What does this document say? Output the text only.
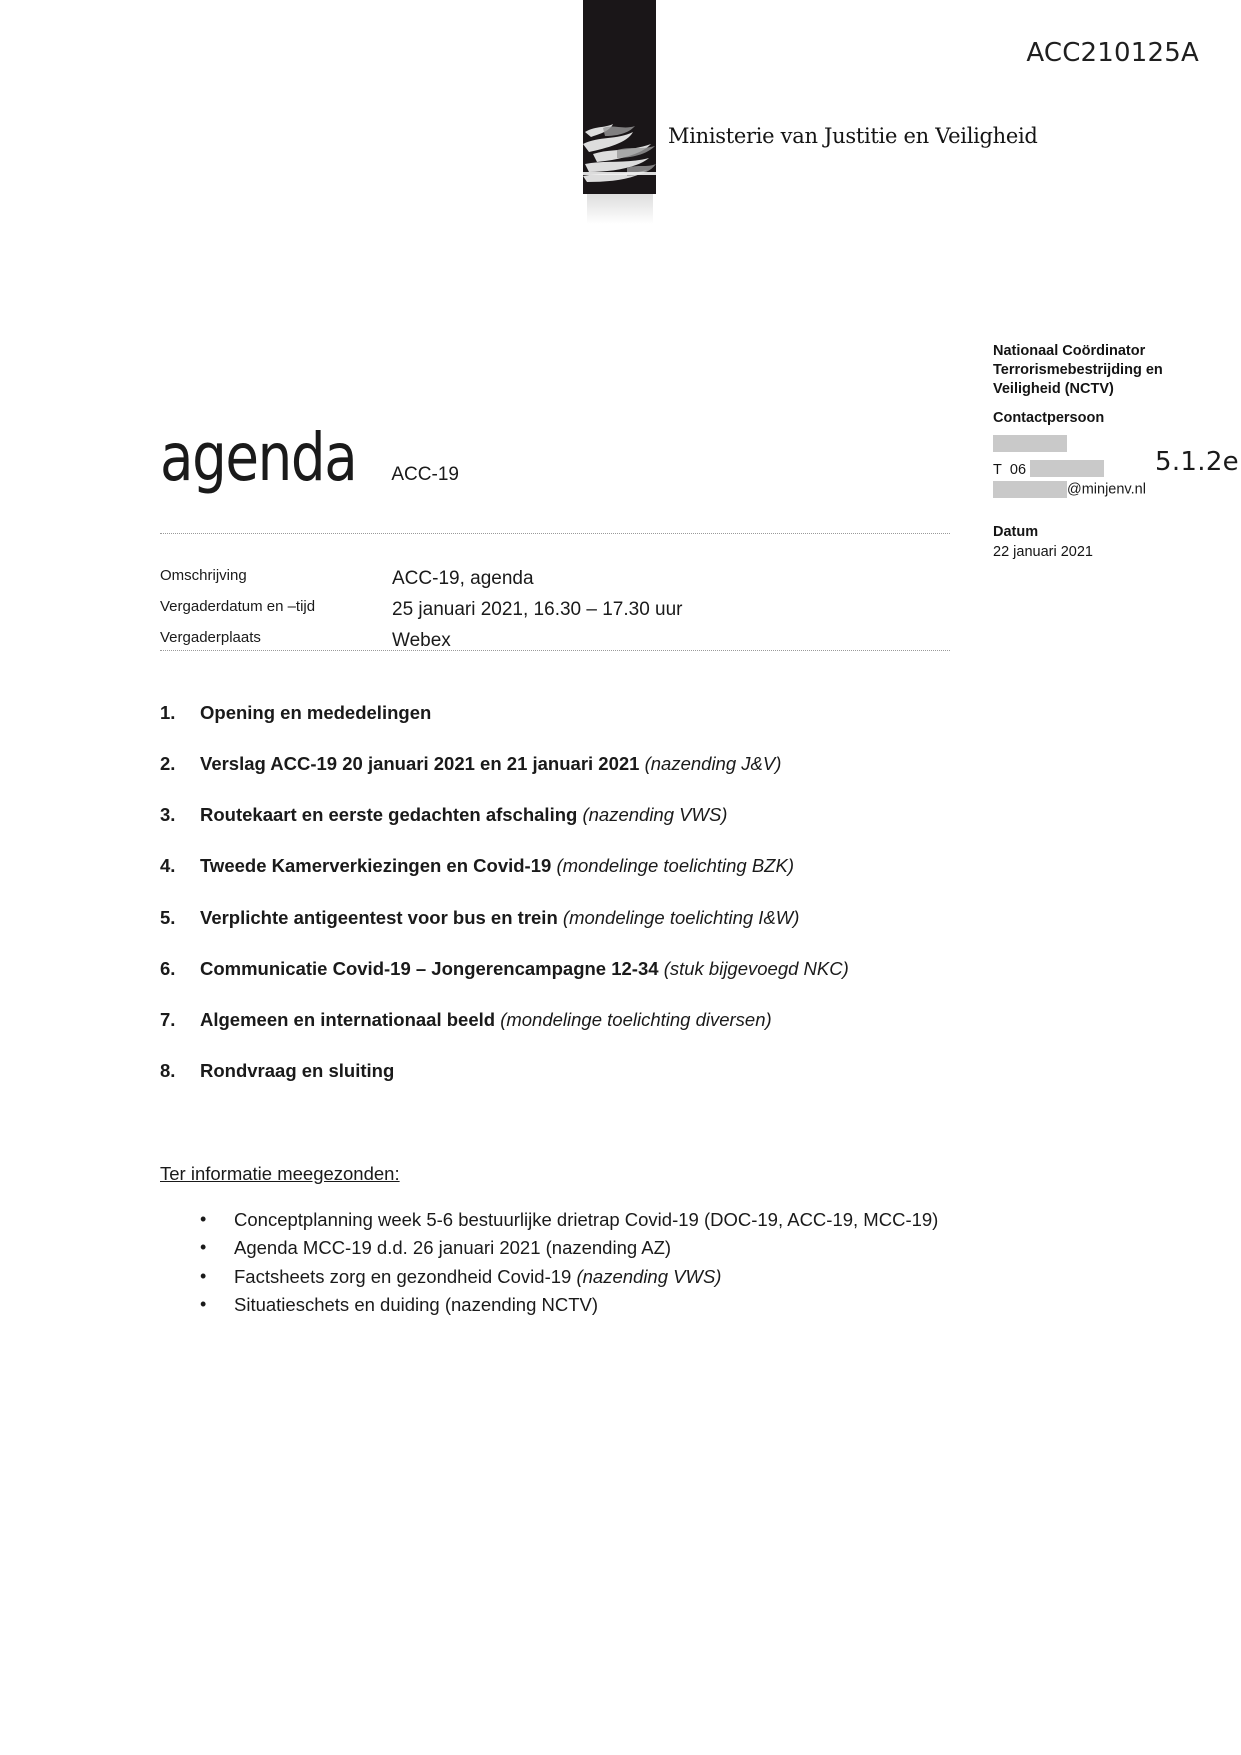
ACC210125A
Ministerie van Justitie en Veiligheid
Nationaal Coördinator
Terrorismebestrijding en
Veiligheid (NCTV)
Contactpersoon
T 06
@minjenv.nl
5.1.2e
Datum
22 januari 2021
agenda ACC-19
Omschrijving	ACC-19, agenda
Vergaderdatum en –tijd	25 januari 2021, 16.30 – 17.30 uur
Vergaderplaats	Webex
1.	Opening en mededelingen
2.	Verslag ACC-19 20 januari 2021 en 21 januari 2021 (nazending J&V)
3.	Routekaart en eerste gedachten afschaling (nazending VWS)
4.	Tweede Kamerverkiezingen en Covid-19 (mondelinge toelichting BZK)
5.	Verplichte antigeentest voor bus en trein (mondelinge toelichting I&W)
6.	Communicatie Covid-19 – Jongerencampagne 12-34 (stuk bijgevoegd NKC)
7.	Algemeen en internationaal beeld (mondelinge toelichting diversen)
8.	Rondvraag en sluiting
Ter informatie meegezonden:
• Conceptplanning week 5-6 bestuurlijke drietrap Covid-19 (DOC-19, ACC-19, MCC-19)
• Agenda MCC-19 d.d. 26 januari 2021 (nazending AZ)
• Factsheets zorg en gezondheid Covid-19 (nazending VWS)
• Situatieschets en duiding (nazending NCTV)
